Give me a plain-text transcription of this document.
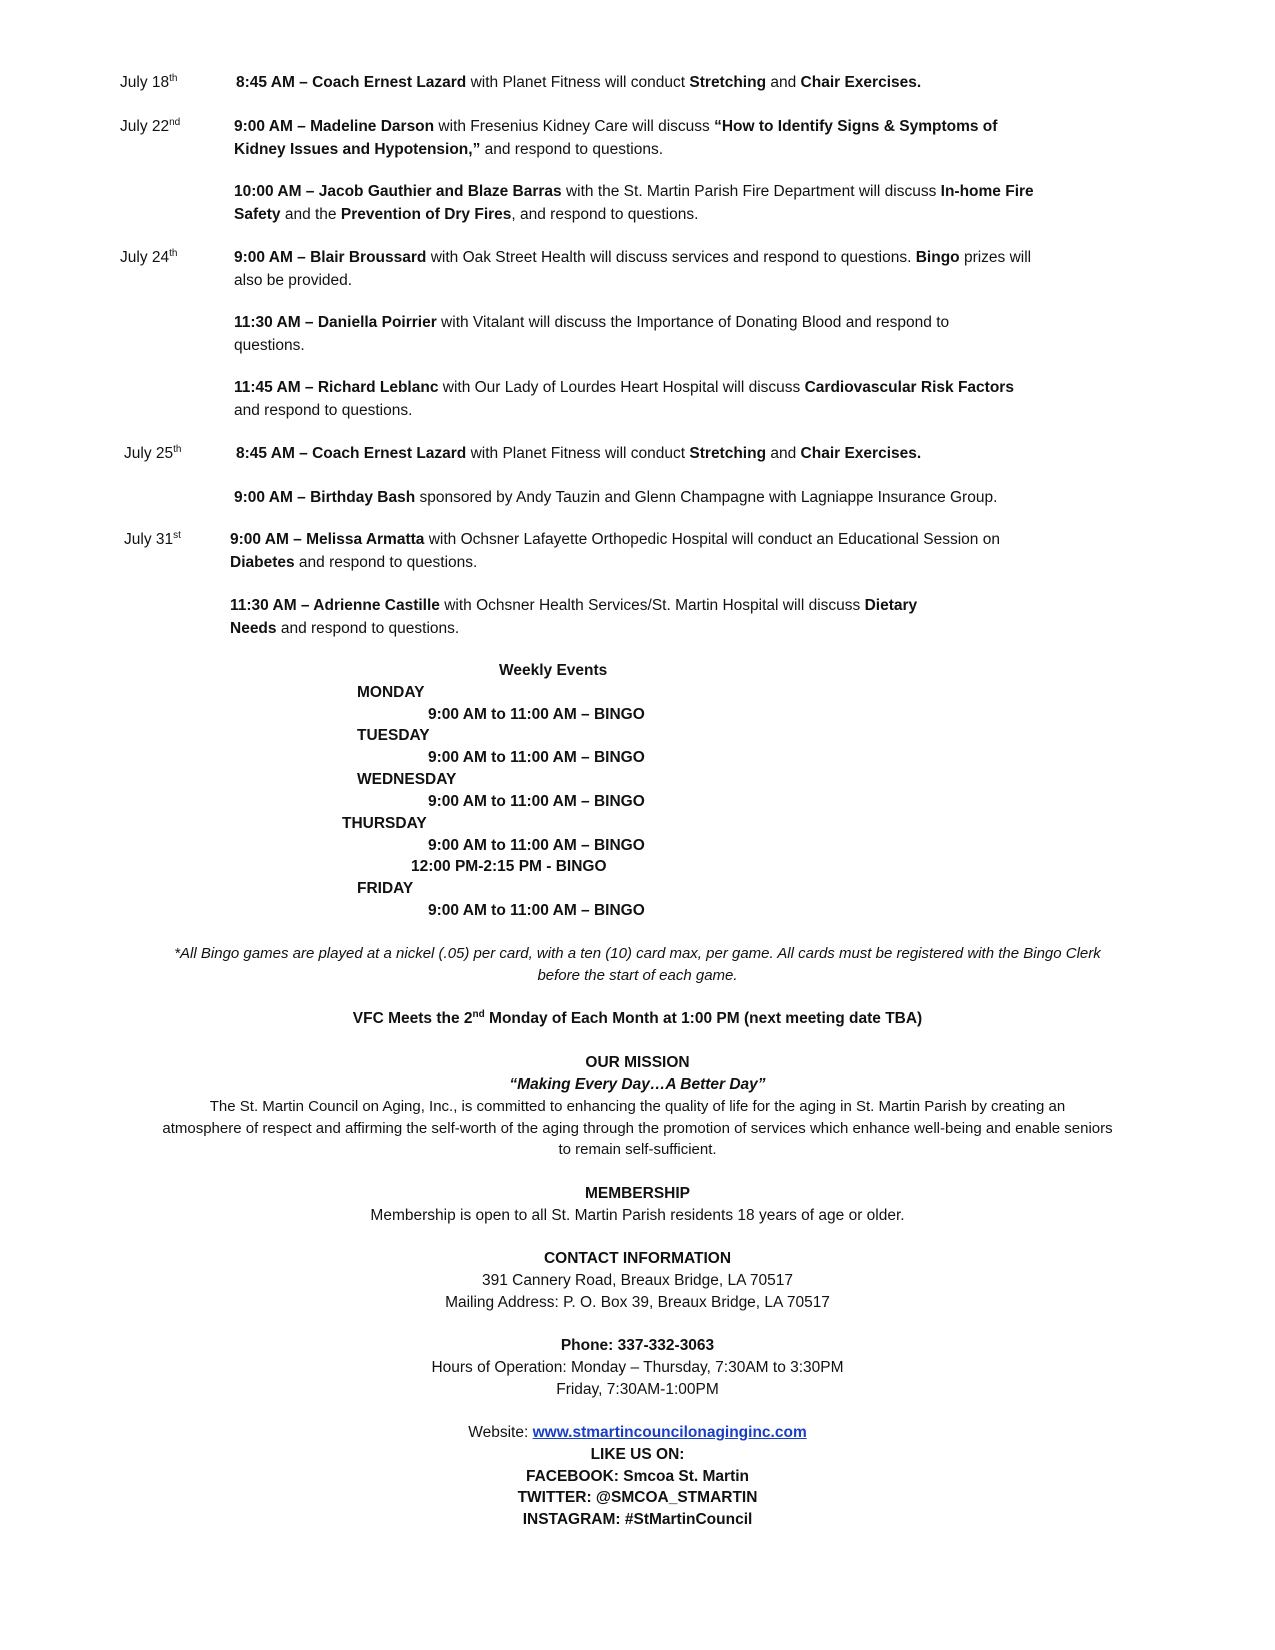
July 18th	8:45 AM – Coach Ernest Lazard with Planet Fitness will conduct Stretching and Chair Exercises.
July 22nd	9:00 AM – Madeline Darson with Fresenius Kidney Care will discuss “How to Identify Signs & Symptoms of Kidney Issues and Hypotension,” and respond to questions.
10:00 AM – Jacob Gauthier and Blaze Barras with the St. Martin Parish Fire Department will discuss In-home Fire Safety and the Prevention of Dry Fires, and respond to questions.
July 24th	9:00 AM – Blair Broussard with Oak Street Health will discuss services and respond to questions. Bingo prizes will also be provided.
11:30 AM – Daniella Poirrier with Vitalant will discuss the Importance of Donating Blood and respond to questions.
11:45 AM – Richard Leblanc with Our Lady of Lourdes Heart Hospital will discuss Cardiovascular Risk Factors and respond to questions.
July 25th	8:45 AM – Coach Ernest Lazard with Planet Fitness will conduct Stretching and Chair Exercises.
9:00 AM – Birthday Bash sponsored by Andy Tauzin and Glenn Champagne with Lagniappe Insurance Group.
July 31st	9:00 AM – Melissa Armatta with Ochsner Lafayette Orthopedic Hospital will conduct an Educational Session on Diabetes and respond to questions.
11:30 AM – Adrienne Castille with Ochsner Health Services/St. Martin Hospital will discuss Dietary
Needs and respond to questions.
Weekly Events
MONDAY
9:00 AM to 11:00 AM – BINGO
TUESDAY
9:00 AM to 11:00 AM – BINGO
WEDNESDAY
9:00 AM to 11:00 AM – BINGO
THURSDAY
9:00 AM to 11:00 AM – BINGO
12:00 PM-2:15 PM - BINGO
FRIDAY
9:00 AM to 11:00 AM – BINGO
*All Bingo games are played at a nickel (.05) per card, with a ten (10) card max, per game. All cards must be registered with the Bingo Clerk
before the start of each game.
VFC Meets the 2nd Monday of Each Month at 1:00 PM (next meeting date TBA)
OUR MISSION
“Making Every Day…A Better Day”
The St. Martin Council on Aging, Inc., is committed to enhancing the quality of life for the aging in St. Martin Parish by creating an
atmosphere of respect and affirming the self-worth of the aging through the promotion of services which enhance well-being and enable seniors
to remain self-sufficient.
MEMBERSHIP
Membership is open to all St. Martin Parish residents 18 years of age or older.
CONTACT INFORMATION
391 Cannery Road, Breaux Bridge, LA 70517
Mailing Address: P. O. Box 39, Breaux Bridge, LA 70517
Phone: 337-332-3063
Hours of Operation: Monday – Thursday, 7:30AM to 3:30PM
Friday, 7:30AM-1:00PM
Website: www.stmartincouncilonaginginc.com
LIKE US ON:
FACEBOOK: Smcoa St. Martin
TWITTER: @SMCOA_STMARTIN
INSTAGRAM: #StMartinCouncil
